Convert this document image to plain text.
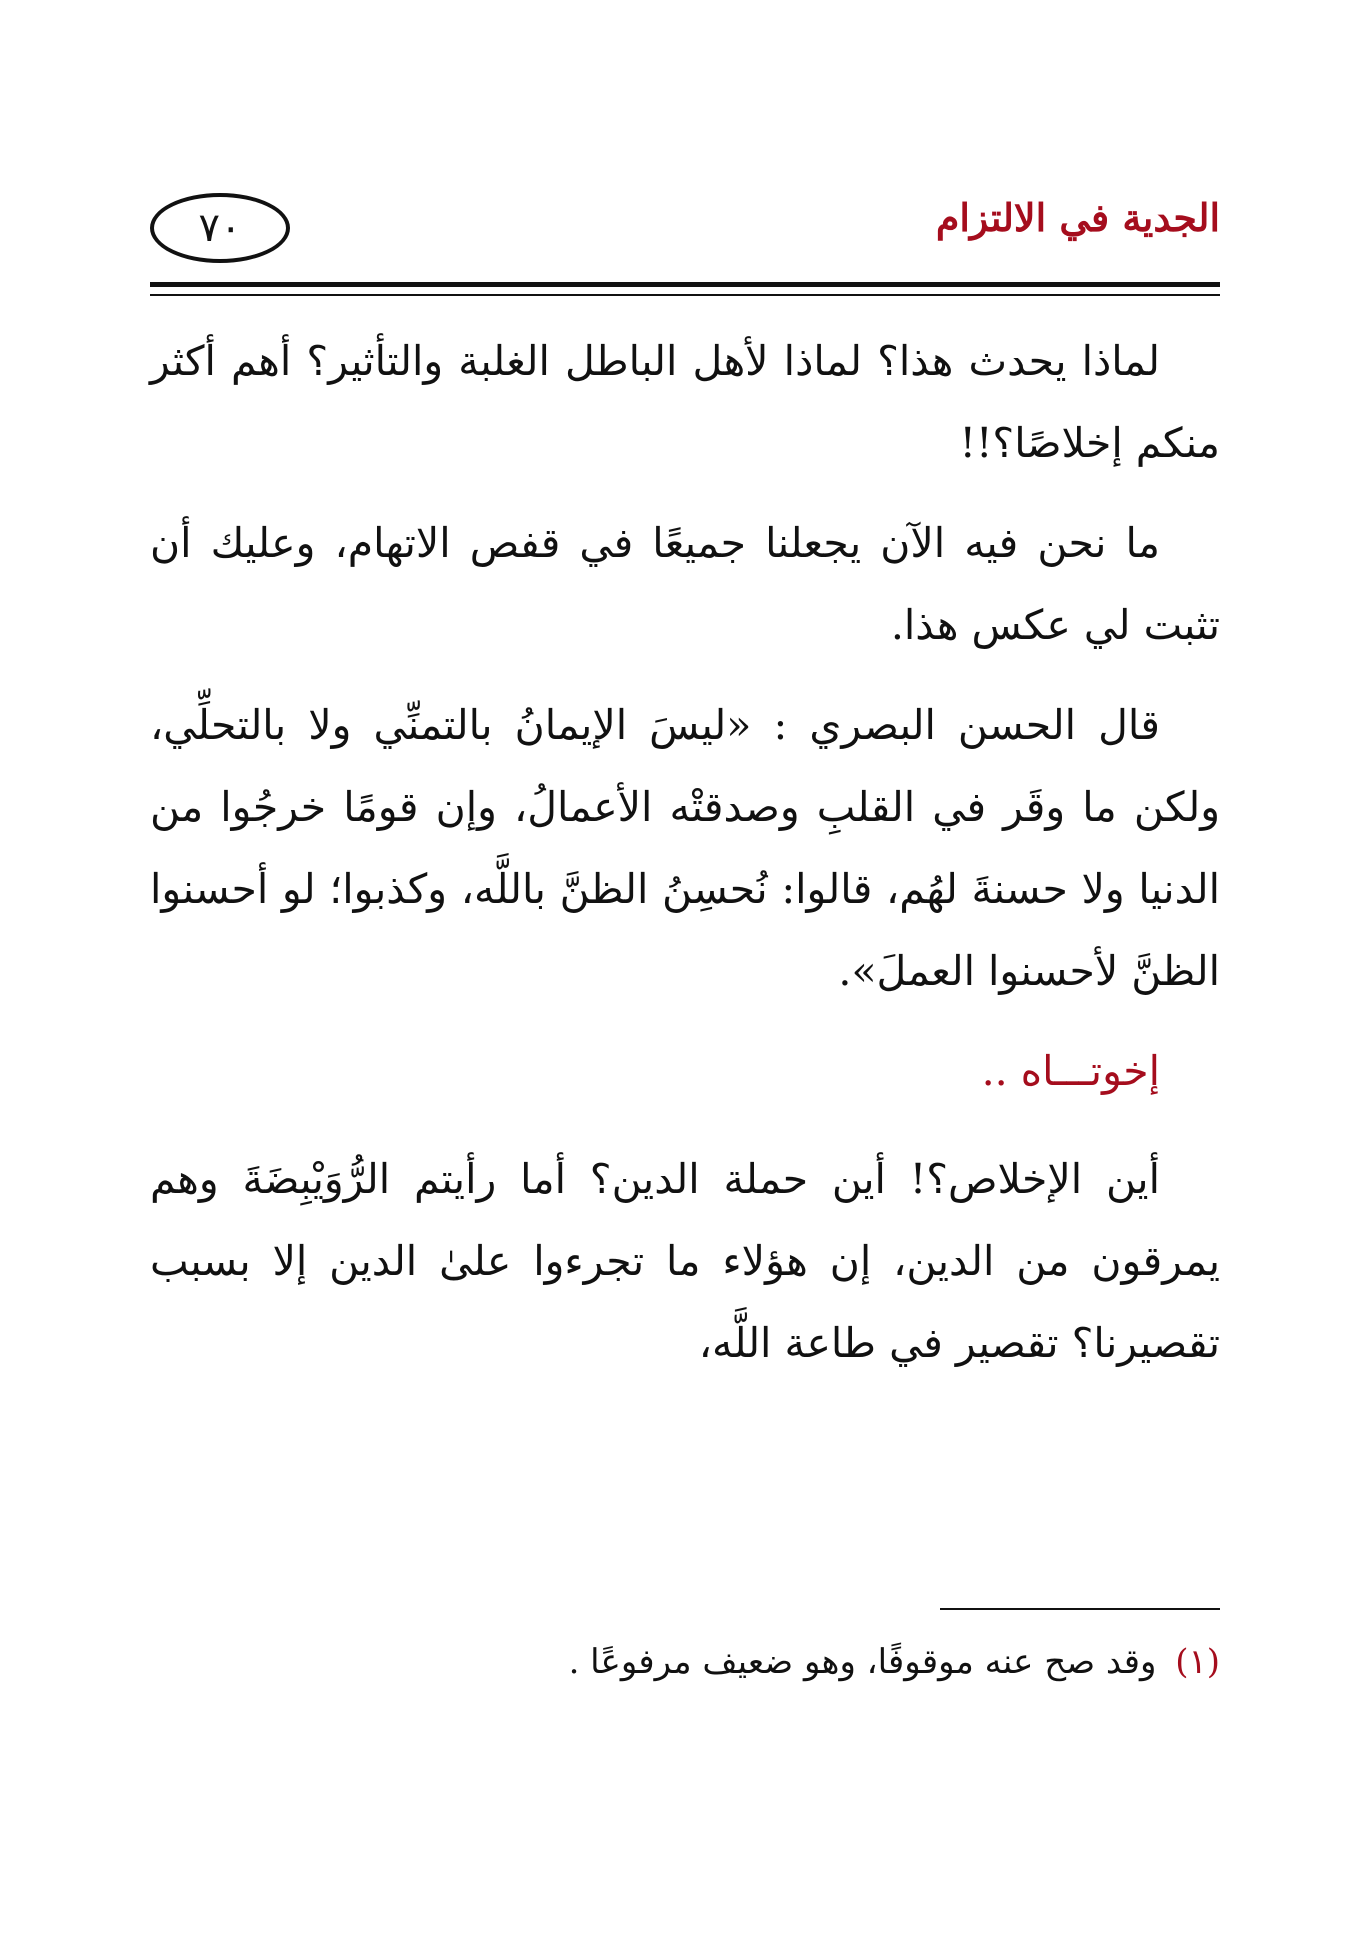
الجدية في الالتزام
٧٠

لماذا يحدث هذا؟ لماذا لأهل الباطل الغلبة والتأثير؟ أهم أكثر منكم إخلاصًا؟!!

ما نحن فيه الآن يجعلنا جميعًا في قفص الاتهام، وعليك أن تثبت لي عكس هذا.

قال الحسن البصري : «ليسَ الإيمانُ بالتمنِّي ولا بالتحلِّي، ولكن ما وقَر في القلبِ وصدقتْه الأعمالُ، وإن قومًا خرجُوا من الدنيا ولا حسنةَ لهُم، قالوا: نُحسِنُ الظنَّ باللَّه، وكذبوا؛ لو أحسنوا الظنَّ لأحسنوا العملَ».

إخوتـــاه ..

أين الإخلاص؟! أين حملة الدين؟ أما رأيتم الرُّوَيْبِضَةَ وهم يمرقون من الدين، إن هؤلاء ما تجرءوا علىٰ الدين إلا بسبب تقصيرنا؟ تقصير في طاعة اللَّه،

(١) وقد صح عنه موقوفًا، وهو ضعيف مرفوعًا .
